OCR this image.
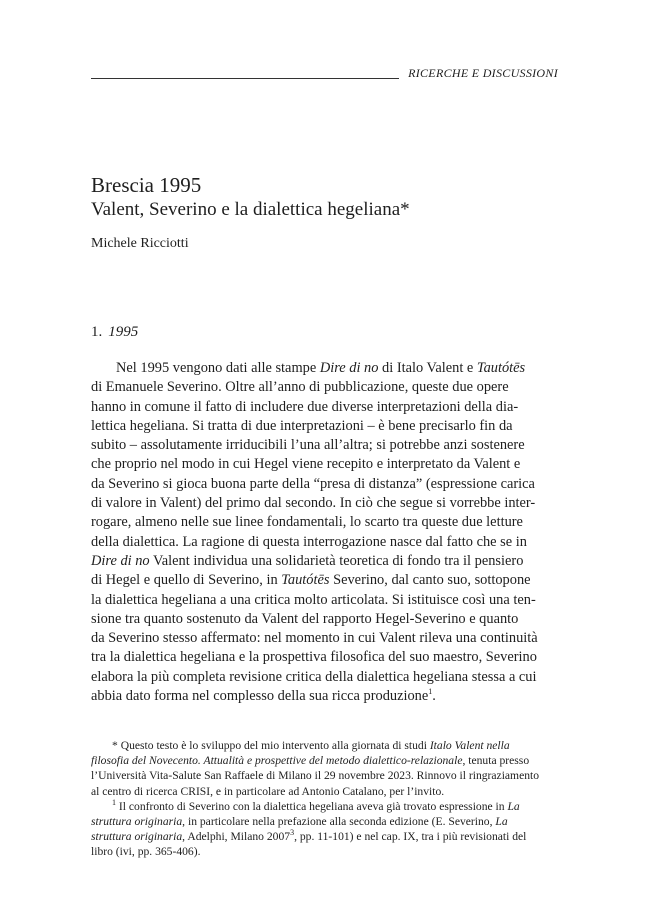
RICERCHE E DISCUSSIONI
Brescia 1995
Valent, Severino e la dialettica hegeliana*
Michele Ricciotti
1. 1995
Nel 1995 vengono dati alle stampe Dire di no di Italo Valent e Tautótēs
di Emanuele Severino. Oltre all’anno di pubblicazione, queste due opere
hanno in comune il fatto di includere due diverse interpretazioni della dia-
lettica hegeliana. Si tratta di due interpretazioni – è bene precisarlo fin da
subito – assolutamente irriducibili l’una all’altra; si potrebbe anzi sostenere
che proprio nel modo in cui Hegel viene recepito e interpretato da Valent e
da Severino si gioca buona parte della “presa di distanza” (espressione carica
di valore in Valent) del primo dal secondo. In ciò che segue si vorrebbe inter-
rogare, almeno nelle sue linee fondamentali, lo scarto tra queste due letture
della dialettica. La ragione di questa interrogazione nasce dal fatto che se in
Dire di no Valent individua una solidarietà teoretica di fondo tra il pensiero
di Hegel e quello di Severino, in Tautótēs Severino, dal canto suo, sottopone
la dialettica hegeliana a una critica molto articolata. Si istituisce così una ten-
sione tra quanto sostenuto da Valent del rapporto Hegel-Severino e quanto
da Severino stesso affermato: nel momento in cui Valent rileva una continuità
tra la dialettica hegeliana e la prospettiva filosofica del suo maestro, Severino
elabora la più completa revisione critica della dialettica hegeliana stessa a cui
abbia dato forma nel complesso della sua ricca produzione$^1$.
* Questo testo è lo sviluppo del mio intervento alla giornata di studi Italo Valent nella
filosofia del Novecento. Attualità e prospettive del metodo dialettico-relazionale, tenuta presso
l’Università Vita-Salute San Raffaele di Milano il 29 novembre 2023. Rinnovo il ringraziamento
al centro di ricerca CRISI, e in particolare ad Antonio Catalano, per l’invito.
$^1$ Il confronto di Severino con la dialettica hegeliana aveva già trovato espressione in La
struttura originaria, in particolare nella prefazione alla seconda edizione (E. Severino, La
struttura originaria, Adelphi, Milano 2007$^3$, pp. 11-101) e nel cap. IX, tra i più revisionati del
libro (ivi, pp. 365-406).
